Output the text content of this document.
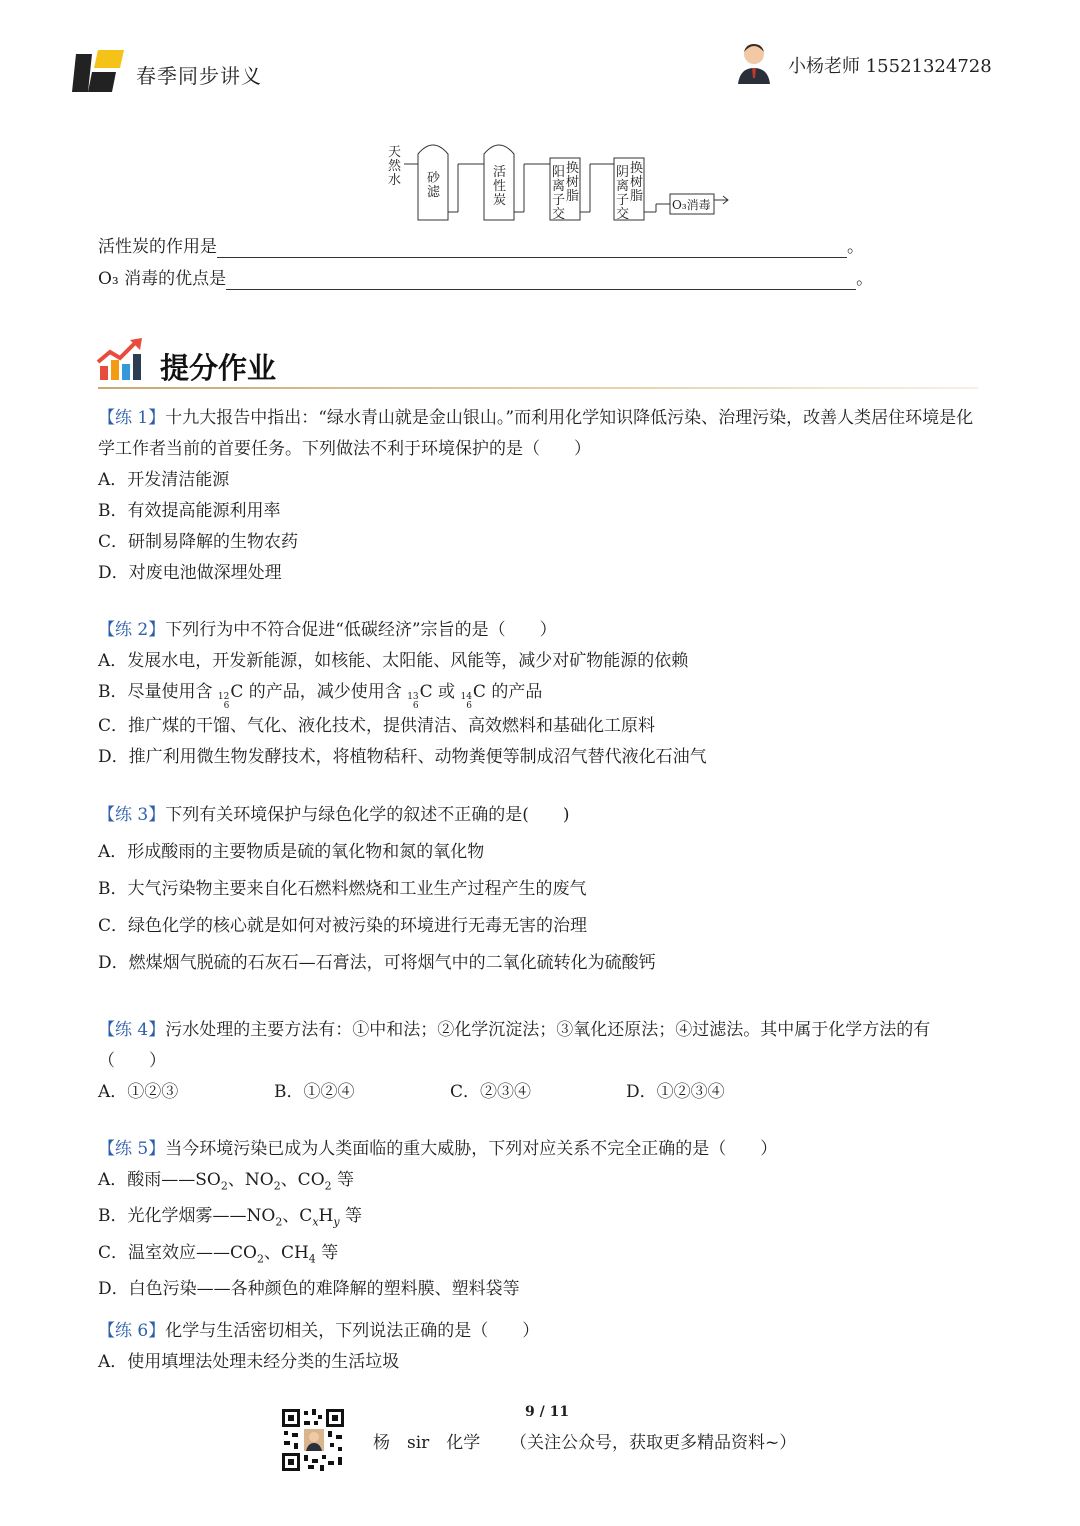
春季同步讲义	小杨老师 15521324728
天
然
水 砂
滤
活
性
炭
阳
离
子
交
换
树
脂
阴
离
子
交
换
树
脂
O₃消毒
活性炭的作用是	。
O₃ 消毒的优点是	。
提分作业
【练 1】十九大报告中指出：“绿水青山就是金山银山。”而利用化学知识降低污染、治理污染，改善人类居住环境是化学工作者当前的首要任务。下列做法不利于环境保护的是（　　）
A．开发清洁能源
B．有效提高能源利用率
C．研制易降解的生物农药
D．对废电池做深埋处理
【练 2】下列行为中不符合促进“低碳经济”宗旨的是（　　）
A．发展水电，开发新能源，如核能、太阳能、风能等，减少对矿物能源的依赖
B．尽量使用含 12
6
C 的产品，减少使用含 13
6
C 或 14
6
C 的产品
C．推广煤的干馏、气化、液化技术，提供清洁、高效燃料和基础化工原料
D．推广利用微生物发酵技术，将植物秸秆、动物粪便等制成沼气替代液化石油气
【练 3】下列有关环境保护与绿色化学的叙述不正确的是(　　)
A．形成酸雨的主要物质是硫的氧化物和氮的氧化物
B．大气污染物主要来自化石燃料燃烧和工业生产过程产生的废气
C．绿色化学的核心就是如何对被污染的环境进行无毒无害的治理
D．燃煤烟气脱硫的石灰石—石膏法，可将烟气中的二氧化硫转化为硫酸钙
【练 4】污水处理的主要方法有：①中和法；②化学沉淀法；③氧化还原法；④过滤法。其中属于化学方法的有（　　）
A．①②③	B．①②④	C．②③④	D．①②③④
【练 5】当今环境污染已成为人类面临的重大威胁，下列对应关系不完全正确的是（　　）
A．酸雨$——SO_2$、$NO_2$、$CO_2$ 等
B．光化学烟雾$——NO_2$、$C_xH_y$ 等
C．温室效应$——CO_2$、$CH_4$ 等
D．白色污染——各种颜色的难降解的塑料膜、塑料袋等
【练 6】化学与生活密切相关，下列说法正确的是（　　）
A．使用填埋法处理未经分类的生活垃圾
9 / 11
杨　sir　化学 （关注公众号，获取更多精品资料~）
